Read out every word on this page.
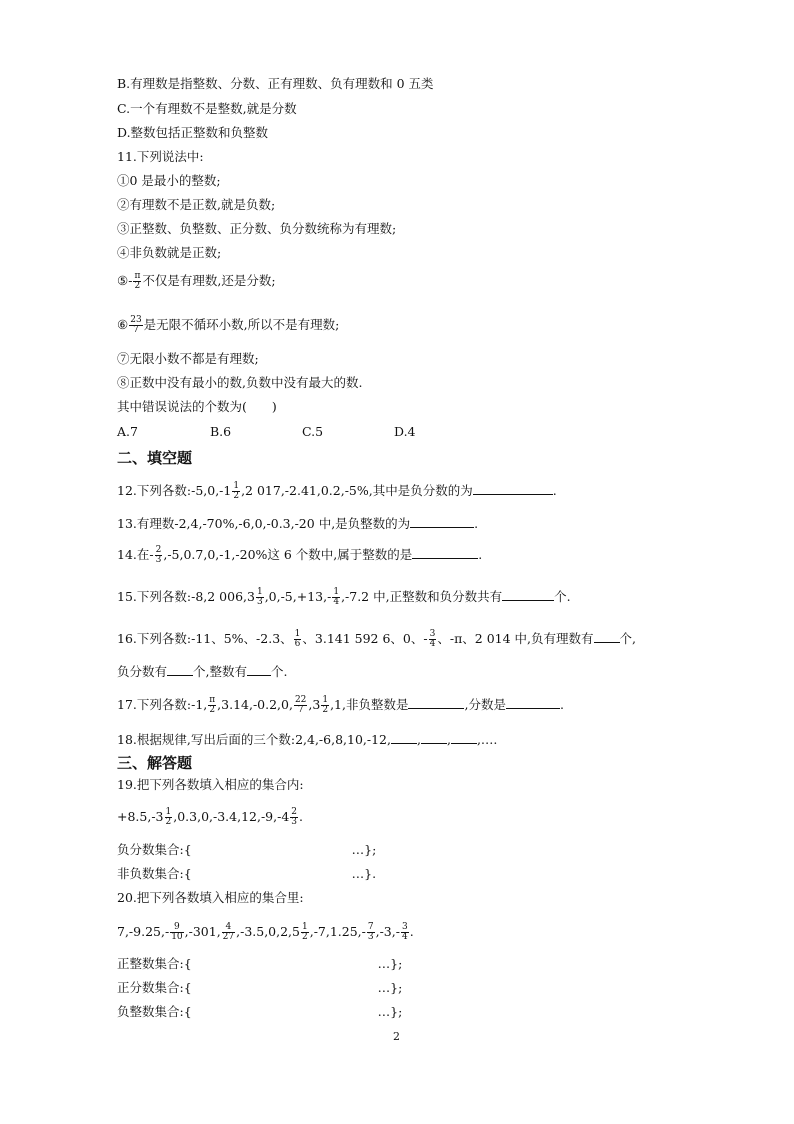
B.有理数是指整数、分数、正有理数、负有理数和 0 五类
C.一个有理数不是整数,就是分数
D.整数包括正整数和负整数
11.下列说法中:
①0 是最小的整数;
②有理数不是正数,就是负数;
③正整数、负整数、正分数、负分数统称为有理数;
④非负数就是正数;
⑤- $\frac{\pi}{2}$ 不仅是有理数,还是分数;
⑥ $\frac{23}{7}$ 是无限不循环小数,所以不是有理数;
⑦无限小数不都是有理数;
⑧正数中没有最小的数,负数中没有最大的数.
其中错误说法的个数为(　　)
A.7	B.6	C.5	D.4
二、填空题
12.下列各数:-5,0,-1 $\frac{1}{2} ,2$ 017,-2.41,0.2,-5%,其中是负分数的为	.
13.有理数-2,4,-70%,-6,0,-0.3,-20 中,是负整数的为	.
14.在- $\frac{2}{3} ,-5,0.7,0,-1,-20\%$这 6 个数中,属于整数的是	.
15.下列各数:-8,2 $006,3 \frac{1}{3} ,0,-5,+13,- \frac{1}{4} ,-7.2$ 中,正整数和负分数共有	个.
16.下列各数:-11、5%、-2.3、 $\frac{1}{6}$ 、3.141 592 6、0、- $\frac{3}{4}$ 、-π、2 014 中,负有理数有 个,
负分数有 个,整数有 个.
17.下列各数:-1, $\frac{\pi}{2} ,3.14,-0.2,0$, $\frac{22}{7} ,3 \frac{1}{2} ,1$,非负整数是	,分数是	.
18.根据规律,写出后面的三个数:2,4,-6,8,10,-12, , , ,….
三、解答题
19.把下列各数填入相应的集合内:
$+8.5,-3 \frac{1}{2} ,0.3,0,-3.4,12,-9,-4 \frac{2}{3}$ .
负分数集合:{	…};
非负数集合:{	…}.
20.把下列各数填入相应的集合里:
$7,-9.25,- \frac{9}{10} ,-301$, $\frac{4}{27} ,-3.5,0,2,5 \frac{1}{2} ,-7,1.25,- \frac{7}{3} ,-3,- \frac{3}{4}$ .
正整数集合:{	…};
正分数集合:{	…};
负整数集合:{	…};
2
